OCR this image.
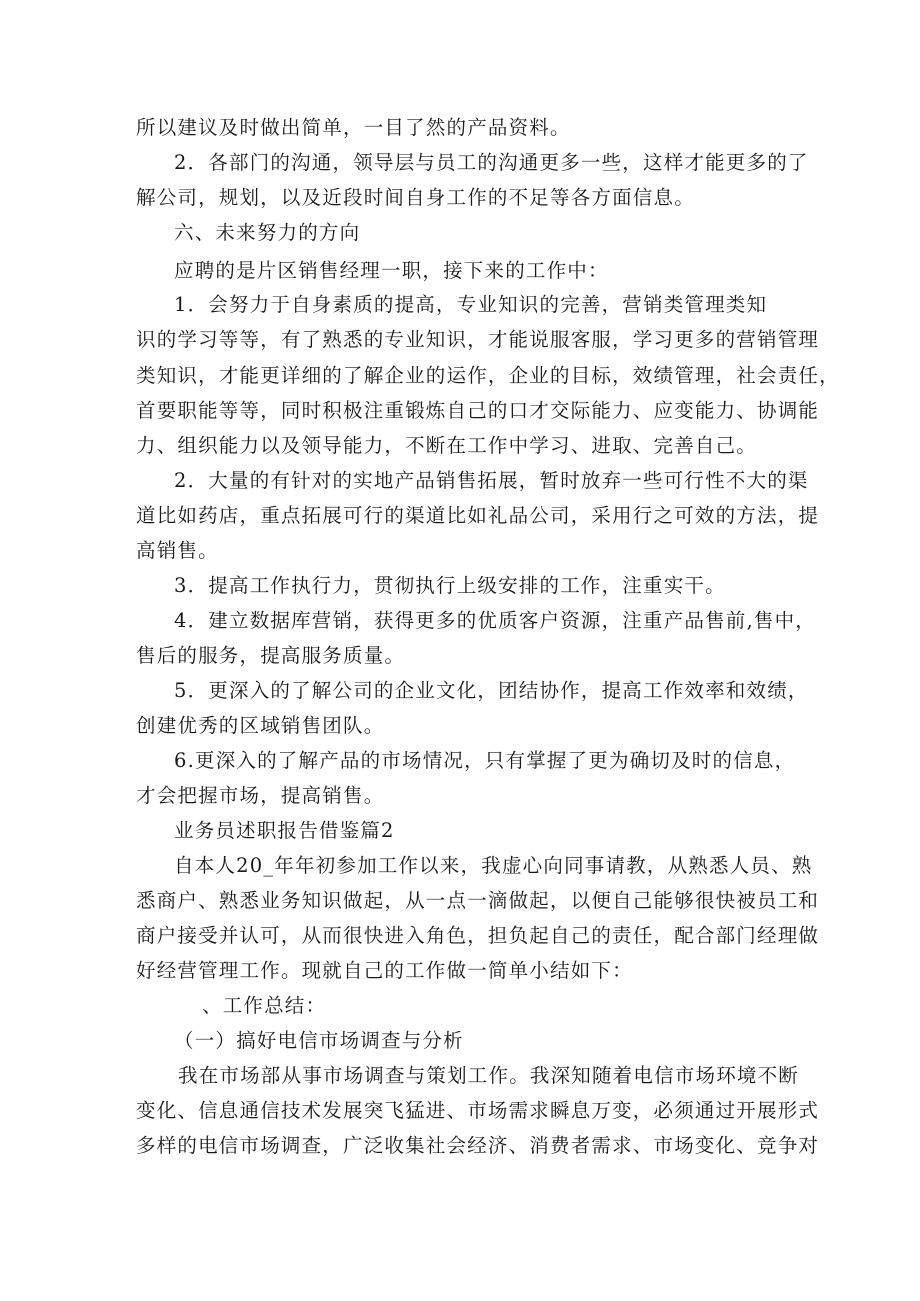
所以建议及时做出简单，一目了然的产品资料。
2．各部门的沟通，领导层与员工的沟通更多一些，这样才能更多的了
解公司，规划，以及近段时间自身工作的不足等各方面信息。
六、未来努力的方向
应聘的是片区销售经理一职，接下来的工作中：
1．会努力于自身素质的提高，专业知识的完善，营销类管理类知
识的学习等等，有了熟悉的专业知识，才能说服客服，学习更多的营销管理
类知识，才能更详细的了解企业的运作，企业的目标，效绩管理，社会责任，
首要职能等等，同时积极注重锻炼自己的口才交际能力、应变能力、协调能
力、组织能力以及领导能力，不断在工作中学习、进取、完善自己。
2．大量的有针对的实地产品销售拓展，暂时放弃一些可行性不大的渠
道比如药店，重点拓展可行的渠道比如礼品公司，采用行之可效的方法，提
高销售。
3．提高工作执行力，贯彻执行上级安排的工作，注重实干。
4．建立数据库营销，获得更多的优质客户资源，注重产品售前,售中，
售后的服务，提高服务质量。
5．更深入的了解公司的企业文化，团结协作，提高工作效率和效绩，
创建优秀的区域销售团队。
6.更深入的了解产品的市场情况，只有掌握了更为确切及时的信息，
才会把握市场，提高销售。
业务员述职报告借鉴篇2
自本人20_年年初参加工作以来，我虚心向同事请教，从熟悉人员、熟
悉商户、熟悉业务知识做起，从一点一滴做起，以便自己能够很快被员工和
商户接受并认可，从而很快进入角色，担负起自己的责任，配合部门经理做
好经营管理工作。现就自己的工作做一简单小结如下：
、工作总结：
（一）搞好电信市场调查与分析
我在市场部从事市场调查与策划工作。我深知随着电信市场环境不断
变化、信息通信技术发展突飞猛进、市场需求瞬息万变，必须通过开展形式
多样的电信市场调查，广泛收集社会经济、消费者需求、市场变化、竞争对
